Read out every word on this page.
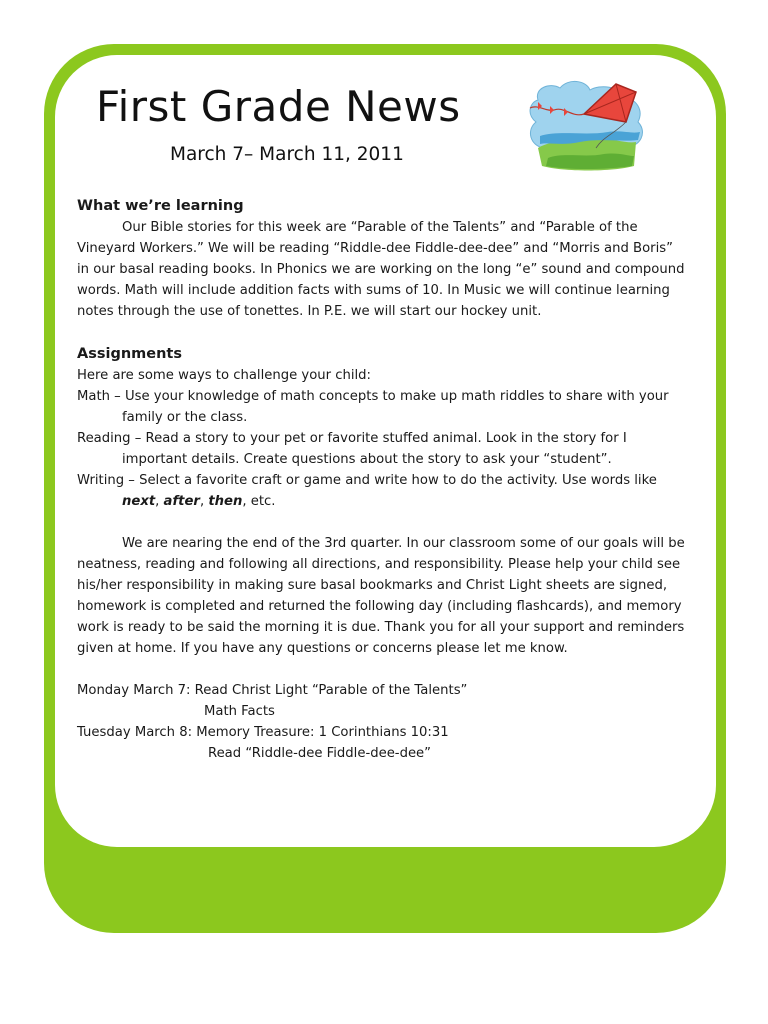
First Grade News

March 7– March 11, 2011

What we’re learning

Our Bible stories for this week are “Parable of the Talents” and “Parable of the Vineyard Workers.” We will be reading “Riddle-dee Fiddle-dee-dee” and “Morris and Boris” in our basal reading books. In Phonics we are working on the long “e” sound and compound words. Math will include addition facts with sums of 10. In Music we will continue learning notes through the use of tonettes. In P.E. we will start our hockey unit.

Assignments

Here are some ways to challenge your child:

Math – Use your knowledge of math concepts to make up math riddles to share with your family or the class.

Reading – Read a story to your pet or favorite stuffed animal. Look in the story for I important details. Create questions about the story to ask your “student”.

Writing – Select a favorite craft or game and write how to do the activity. Use words like next, after, then, etc.

We are nearing the end of the 3rd quarter. In our classroom some of our goals will be neatness, reading and following all directions, and responsibility. Please help your child see his/her responsibility in making sure basal bookmarks and Christ Light sheets are signed, homework is completed and returned the following day (including flashcards), and memory work is ready to be said the morning it is due. Thank you for all your support and reminders given at home. If you have any questions or concerns please let me know.

Monday March 7: Read Christ Light “Parable of the Talents”

Math Facts

Tuesday March 8: Memory Treasure: 1 Corinthians 10:31

Read “Riddle-dee Fiddle-dee-dee”
